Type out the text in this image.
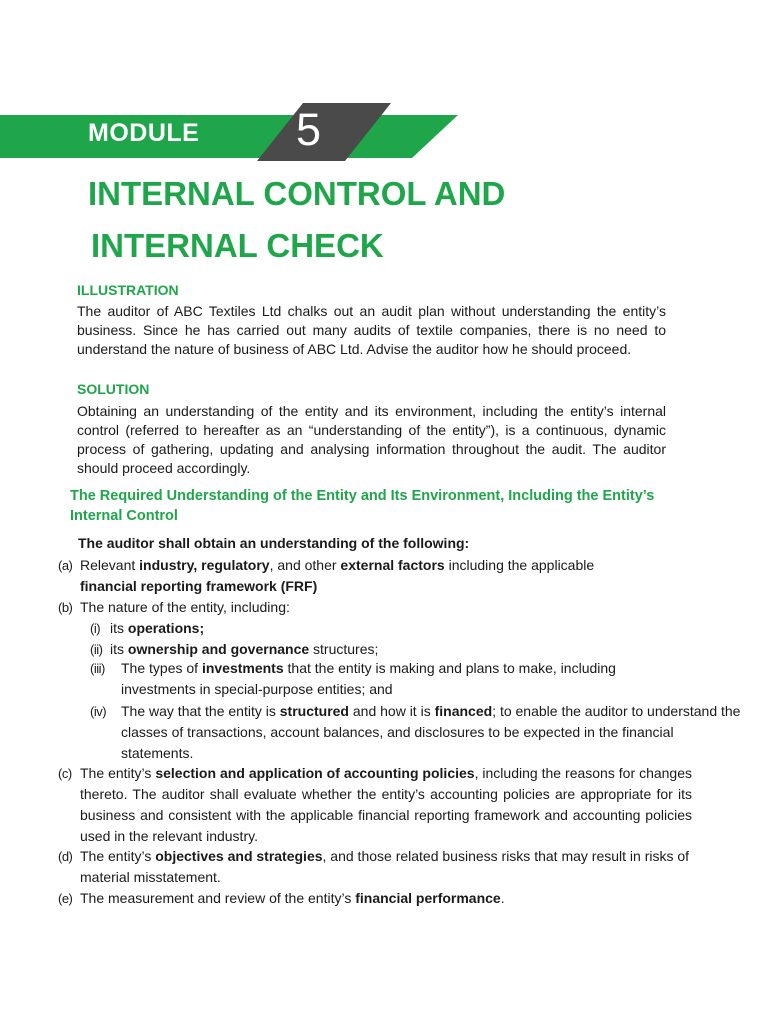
MODULE 5
INTERNAL CONTROL AND
INTERNAL CHECK

ILLUSTRATION

The auditor of ABC Textiles Ltd chalks out an audit plan without understanding the entity’s business. Since he has carried out many audits of textile companies, there is no need to understand the nature of business of ABC Ltd. Advise the auditor how he should proceed.

SOLUTION

Obtaining an understanding of the entity and its environment, including the entity’s internal control (referred to hereafter as an “understanding of the entity”), is a continuous, dynamic process of gathering, updating and analysing information throughout the audit. The auditor should proceed accordingly.

The Required Understanding of the Entity and Its Environment, Including the Entity’s Internal Control

The auditor shall obtain an understanding of the following:

(a) Relevant industry, regulatory, and other external factors including the applicable
financial reporting framework (FRF)
(b) The nature of the entity, including:
(i) its operations;
(ii) its ownership and governance structures;
(iii)	The types of investments that the entity is making and plans to make, including investments in special-purpose entities; and
(iv)	The way that the entity is structured and how it is financed; to enable the auditor to understand the classes of transactions, account balances, and disclosures to be expected in the financial statements.
(c) The entity’s selection and application of accounting policies, including the reasons for changes thereto. The auditor shall evaluate whether the entity’s accounting policies are appropriate for its business and consistent with the applicable financial reporting framework and accounting policies used in the relevant industry.
(d) The entity’s objectives and strategies, and those related business risks that may result in risks of material misstatement.
(e) The measurement and review of the entity’s financial performance.
